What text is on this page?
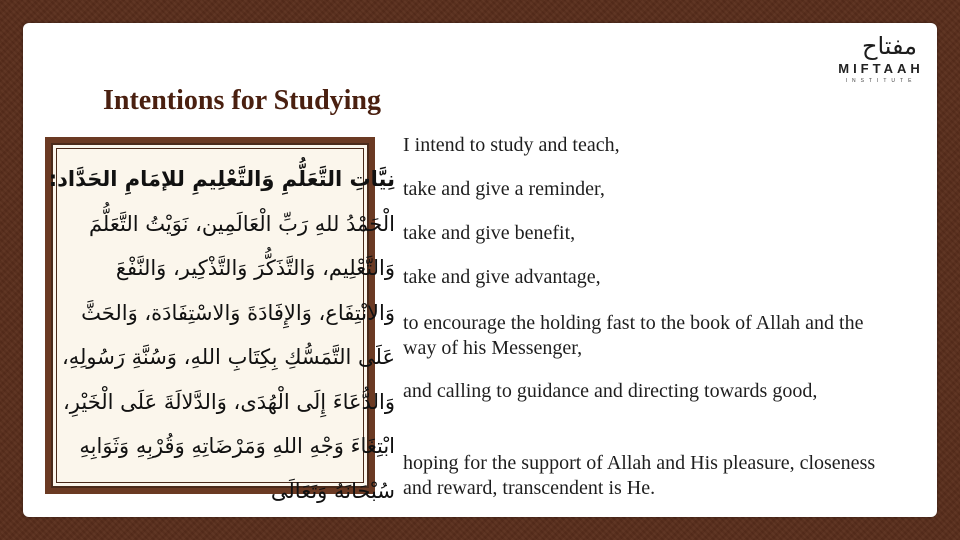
مفتاح
MIFTAAH
INSTITUTE
Intentions for Studying
نِيَّاتِ التَّعَلُّمِ وَالتَّعْلِيمِ للإمَامِ الحَدَّاد:
الْحَمْدُ للهِ رَبِّ الْعَالَمِين، نَوَيْتُ التَّعَلُّمَ
وَالتَّعْلِيم، وَالتَّذَكُّرَ وَالتَّذْكِير، وَالنَّفْعَ
وَالانْتِفَاع، وَالإِفَادَةَ وَالاسْتِفَادَة، وَالحَثَّ
عَلَى التَّمَسُّكِ بِكِتَابِ اللهِ، وَسُنَّةِ رَسُولِهِ،
وَالدُّعَاءَ إِلَى الْهُدَى، وَالدَّلالَةَ عَلَى الْخَيْرِ،
ابْتِغَاءَ وَجْهِ اللهِ وَمَرْضَاتِهِ وَقُرْبِهِ وَثَوَابِهِ
سُبْحَانَهُ وَتَعَالَى
I intend to study and teach,
take and give a reminder,
take and give benefit,
take and give advantage,
to encourage the holding fast to the book of Allah and the way of his Messenger,
and calling to guidance and directing towards good,
hoping for the support of Allah and His pleasure, closeness and reward, transcendent is He.
